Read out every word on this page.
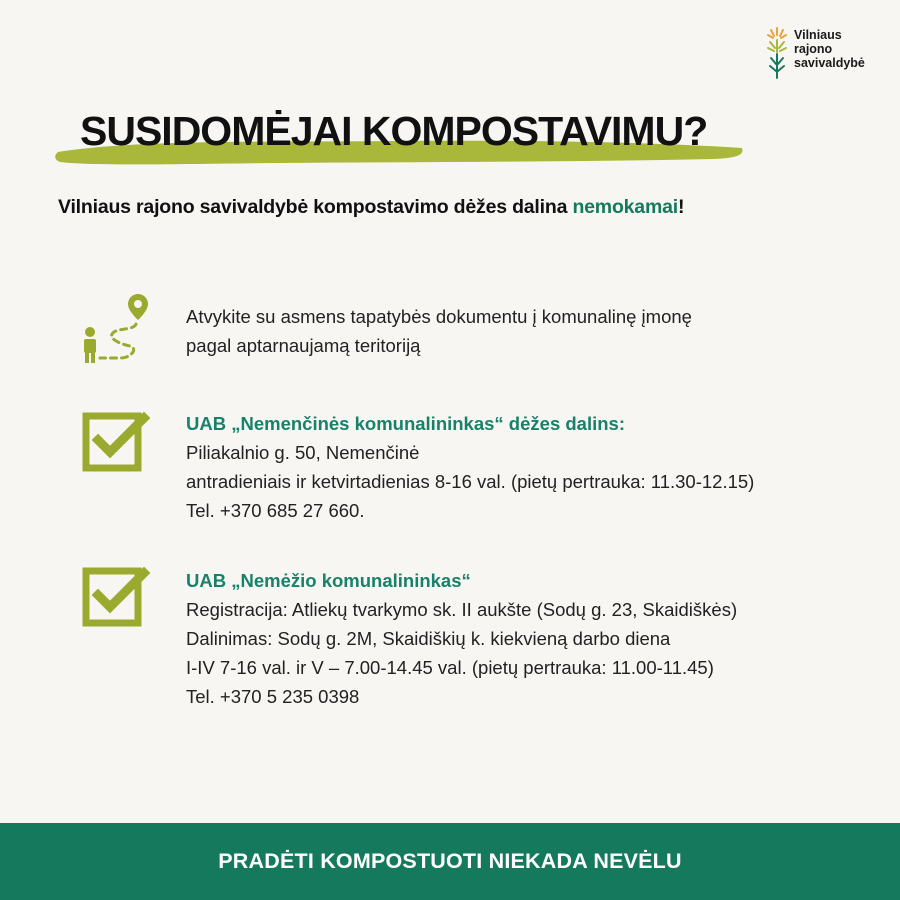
Vilniaus
rajono
savivaldybė
SUSIDOMĖJAI KOMPOSTAVIMU?

Vilniaus rajono savivaldybė kompostavimo dėžes dalina nemokamai!

Atvykite su asmens tapatybės dokumentu į komunalinę įmonę
pagal aptarnaujamą teritoriją
UAB „Nemenčinės komunalininkas“ dėžes dalins:
Piliakalnio g. 50, Nemenčinė
antradieniais ir ketvirtadienias 8-16 val. (pietų pertrauka: 11.30-12.15)
Tel. +370 685 27 660.
UAB „Nemėžio komunalininkas“
Registracija: Atliekų tvarkymo sk. II aukšte (Sodų g. 23, Skaidiškės)
Dalinimas: Sodų g. 2M, Skaidiškių k. kiekvieną darbo diena
I-IV 7-16 val. ir V – 7.00-14.45 val. (pietų pertrauka: 11.00-11.45)
Tel. +370 5 235 0398
PRADĖTI KOMPOSTUOTI NIEKADA NEVĖLU
